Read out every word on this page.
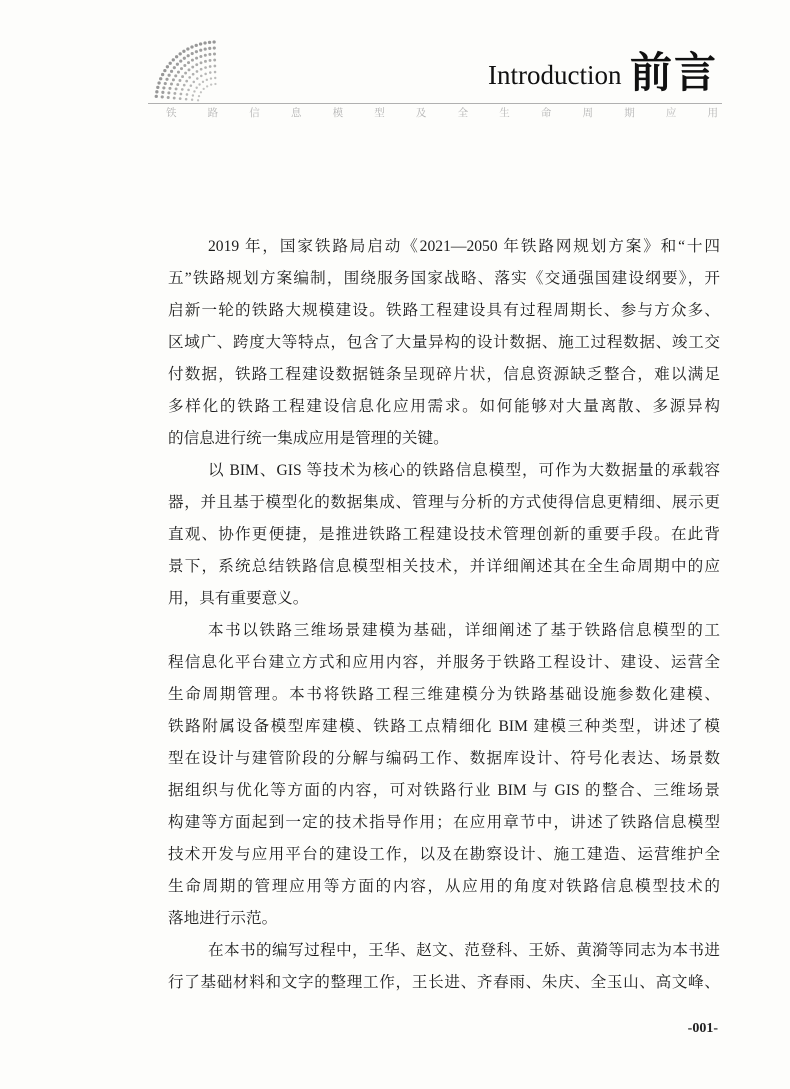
Introduction 前言
铁路信息模型及全生命周期应用
2019 年，国家铁路局启动《2021—2050 年铁路网规划方案》和“十四
五”铁路规划方案编制，围绕服务国家战略、落实《交通强国建设纲要》，开
启新一轮的铁路大规模建设。铁路工程建设具有过程周期长、参与方众多、
区域广、跨度大等特点，包含了大量异构的设计数据、施工过程数据、竣工交
付数据，铁路工程建设数据链条呈现碎片状，信息资源缺乏整合，难以满足
多样化的铁路工程建设信息化应用需求。如何能够对大量离散、多源异构
的信息进行统一集成应用是管理的关键。
以 BIM、GIS 等技术为核心的铁路信息模型，可作为大数据量的承载容
器，并且基于模型化的数据集成、管理与分析的方式使得信息更精细、展示更
直观、协作更便捷，是推进铁路工程建设技术管理创新的重要手段。在此背
景下，系统总结铁路信息模型相关技术，并详细阐述其在全生命周期中的应
用，具有重要意义。
本书以铁路三维场景建模为基础，详细阐述了基于铁路信息模型的工
程信息化平台建立方式和应用内容，并服务于铁路工程设计、建设、运营全
生命周期管理。本书将铁路工程三维建模分为铁路基础设施参数化建模、
铁路附属设备模型库建模、铁路工点精细化 BIM 建模三种类型，讲述了模
型在设计与建管阶段的分解与编码工作、数据库设计、符号化表达、场景数
据组织与优化等方面的内容，可对铁路行业 BIM 与 GIS 的整合、三维场景
构建等方面起到一定的技术指导作用；在应用章节中，讲述了铁路信息模型
技术开发与应用平台的建设工作，以及在勘察设计、施工建造、运营维护全
生命周期的管理应用等方面的内容，从应用的角度对铁路信息模型技术的
落地进行示范。
在本书的编写过程中，王华、赵文、范登科、王娇、黄漪等同志为本书进
行了基础材料和文字的整理工作，王长进、齐春雨、朱庆、全玉山、高文峰、
-001-
